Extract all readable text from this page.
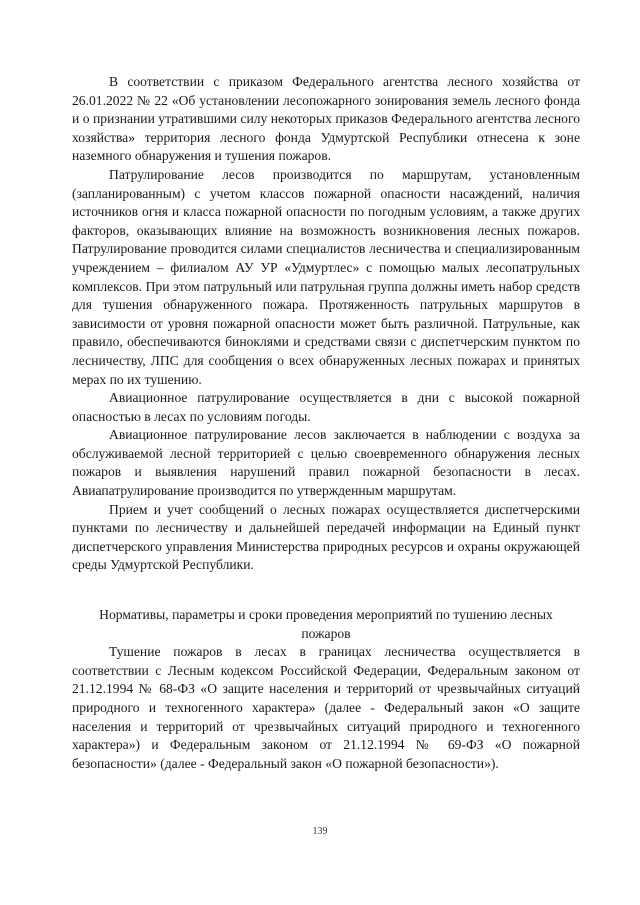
В соответствии с приказом Федерального агентства лесного хозяйства от 26.01.2022 № 22 «Об установлении лесопожарного зонирования земель лесного фонда и о признании утратившими силу некоторых приказов Федерального агентства лесного хозяйства» территория лесного фонда Удмуртской Республики отнесена к зоне наземного обнаружения и тушения пожаров.

Патрулирование лесов производится по маршрутам, установленным (запланированным) с учетом классов пожарной опасности насаждений, наличия источников огня и класса пожарной опасности по погодным условиям, а также других факторов, оказывающих влияние на возможность возникновения лесных пожаров. Патрулирование проводится силами специалистов лесничества и специализированным учреждением – филиалом АУ УР «Удмуртлес» с помощью малых лесопатрульных комплексов. При этом патрульный или патрульная группа должны иметь набор средств для тушения обнаруженного пожара. Протяженность патрульных маршрутов в зависимости от уровня пожарной опасности может быть различной. Патрульные, как правило, обеспечиваются биноклями и средствами связи с диспетчерским пунктом по лесничеству, ЛПС для сообщения о всех обнаруженных лесных пожарах и принятых мерах по их тушению.

Авиационное патрулирование осуществляется в дни с высокой пожарной опасностью в лесах по условиям погоды.

Авиационное патрулирование лесов заключается в наблюдении с воздуха за обслуживаемой лесной территорией с целью своевременного обнаружения лесных пожаров и выявления нарушений правил пожарной безопасности в лесах. Авиапатрулирование производится по утвержденным маршрутам.

Прием и учет сообщений о лесных пожарах осуществляется диспетчерскими пунктами по лесничеству и дальнейшей передачей информации на Единый пункт диспетчерского управления Министерства природных ресурсов и охраны окружающей среды Удмуртской Республики.

Нормативы, параметры и сроки проведения мероприятий по тушению лесных пожаров

Тушение пожаров в лесах в границах лесничества осуществляется в соответствии с Лесным кодексом Российской Федерации, Федеральным законом от 21.12.1994 № 68-ФЗ «О защите населения и территорий от чрезвычайных ситуаций природного и техногенного характера» (далее - Федеральный закон «О защите населения и территорий от чрезвычайных ситуаций природного и техногенного характера») и Федеральным законом от 21.12.1994 № 69-ФЗ «О пожарной безопасности» (далее - Федеральный закон «О пожарной безопасности»).

139
